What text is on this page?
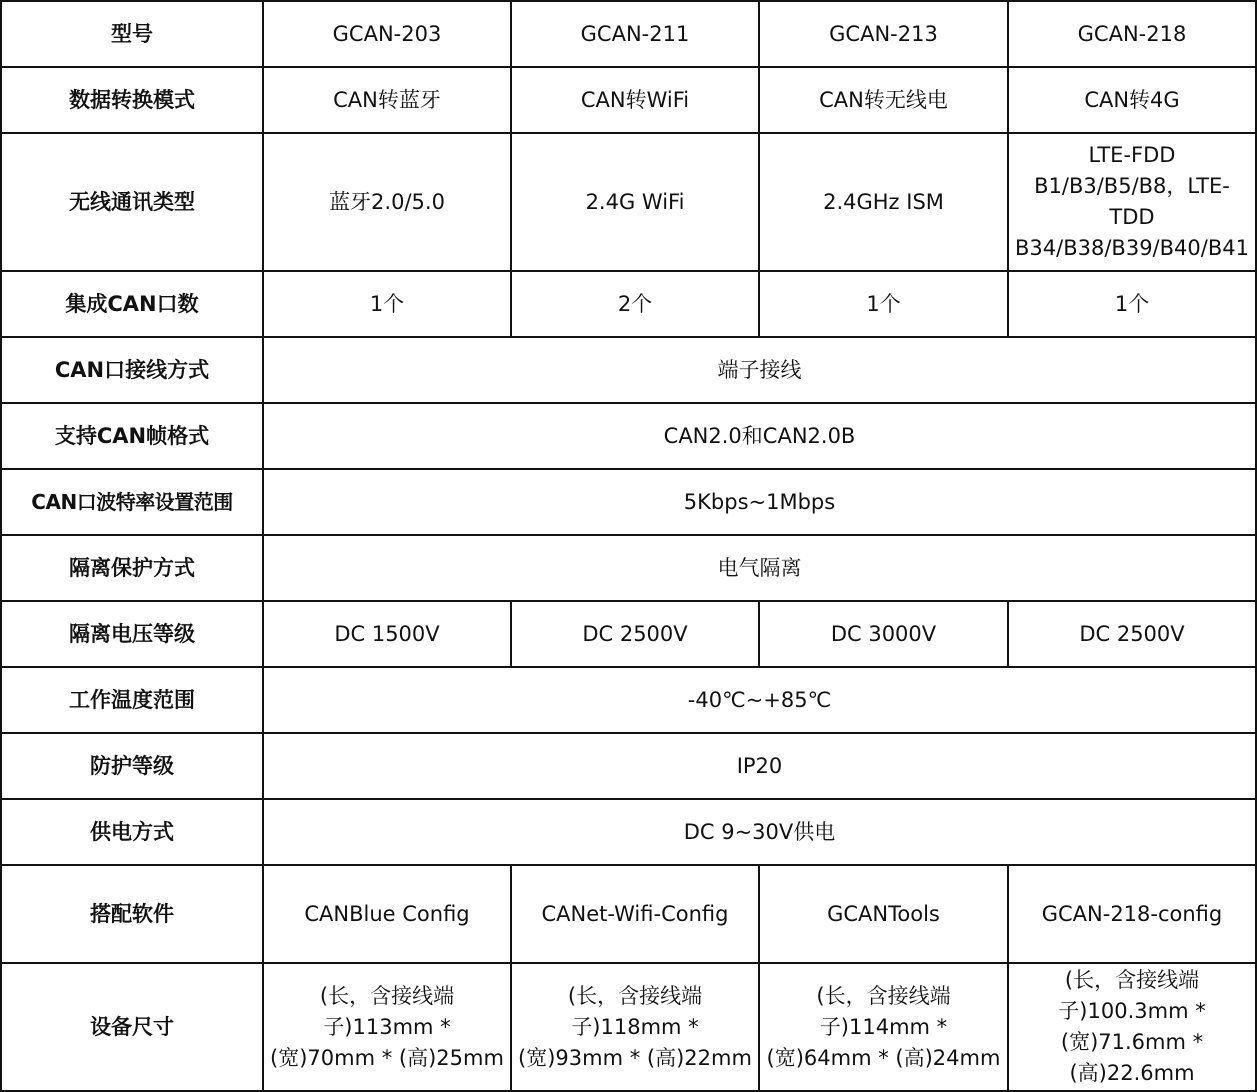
型号	GCAN-203	GCAN-211	GCAN-213	GCAN-218
数据转换模式	CAN转蓝牙	CAN转WiFi	CAN转无线电	CAN转4G
无线通讯类型	蓝牙2.0/5.0	2.4G WiFi	2.4GHz ISM	LTE-FDD B1/B3/B5/B8，LTE-TDD B34/B38/B39/B40/B41
集成CAN口数	1个	2个	1个	1个
CAN口接线方式	端子接线			
支持CAN帧格式	CAN2.0和CAN2.0B			
CAN口波特率设置范围	5Kbps~1Mbps			
隔离保护方式	电气隔离			
隔离电压等级	DC 1500V	DC 2500V	DC 3000V	DC 2500V
工作温度范围	-40℃~+85℃			
防护等级	IP20			
供电方式	DC 9~30V供电			
搭配软件	CANBlue Config	CANet-Wifi-Config	GCANTools	GCAN-218-config
设备尺寸	(长，含接线端子)113mm * (宽)70mm * (高)25mm	(长，含接线端子)118mm * (宽)93mm * (高)22mm	(长，含接线端子)114mm * (宽)64mm * (高)24mm	(长，含接线端子)100.3mm * (宽)71.6mm * (高)22.6mm
